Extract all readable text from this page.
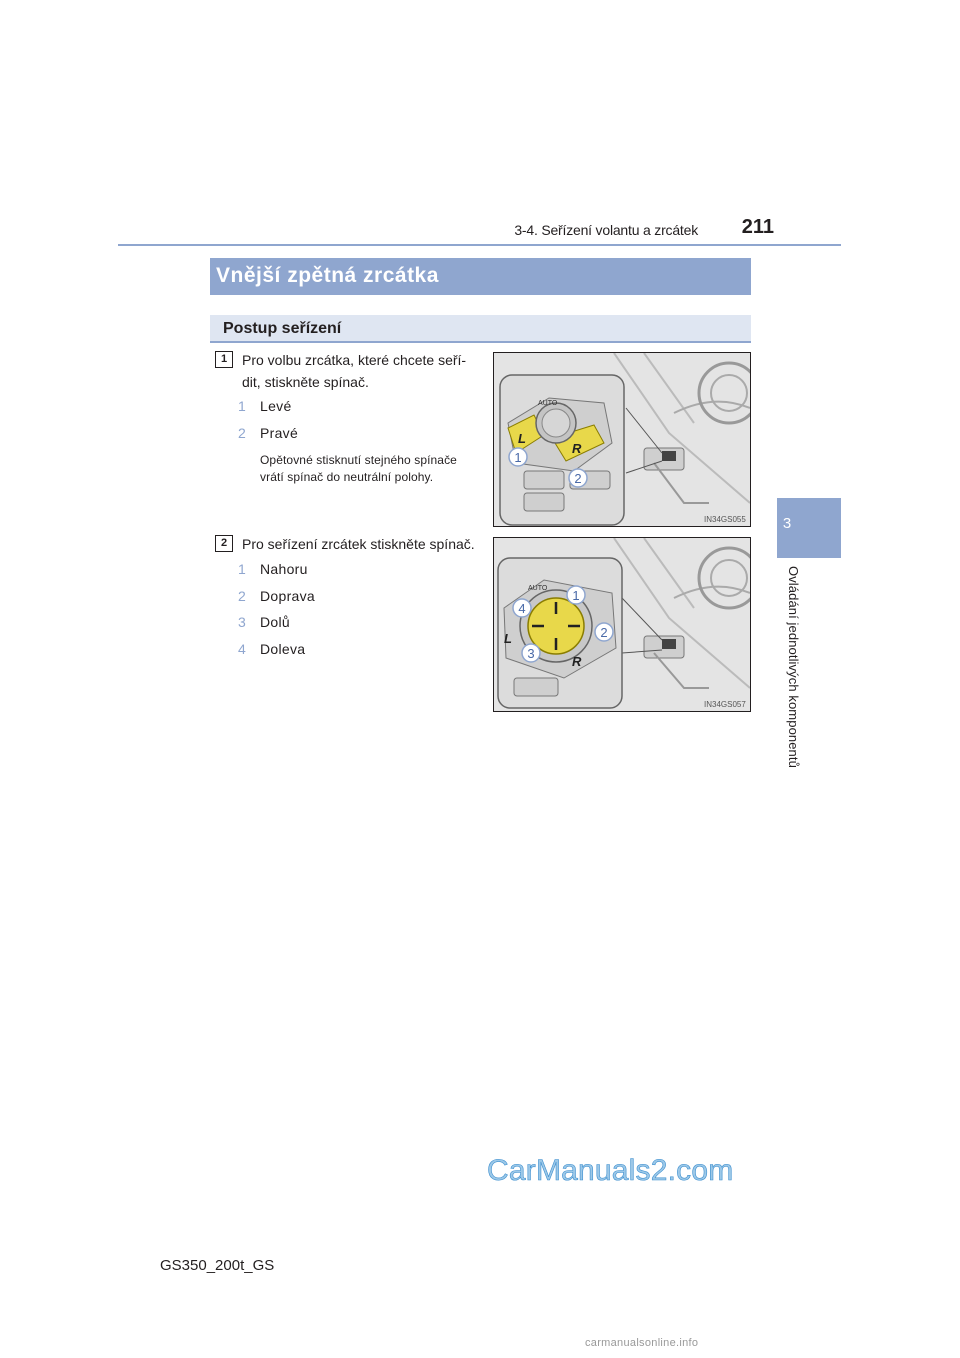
3-4. Seřízení volantu a zrcátek	211
3
Ovládání jednotlivých komponentů
Vnější zpětná zrcátka
Postup seřízení
1	Pro volbu zrcátka, které chcete seří-
dit, stiskněte spínač.
1	Levé
2	Pravé
Opětovné stisknutí stejného spínače
vrátí spínač do neutrální polohy.
AUTO
L
R
1
2
IN34GS055
2	Pro seřízení zrcátek stiskněte spínač.
1	Nahoru
2	Doprava
3	Dolů
4	Doleva
AUTO
L
R
1
2
3
4
IN34GS057
GS350_200t_GS
CarManuals2.com
carmanualsonline.info
